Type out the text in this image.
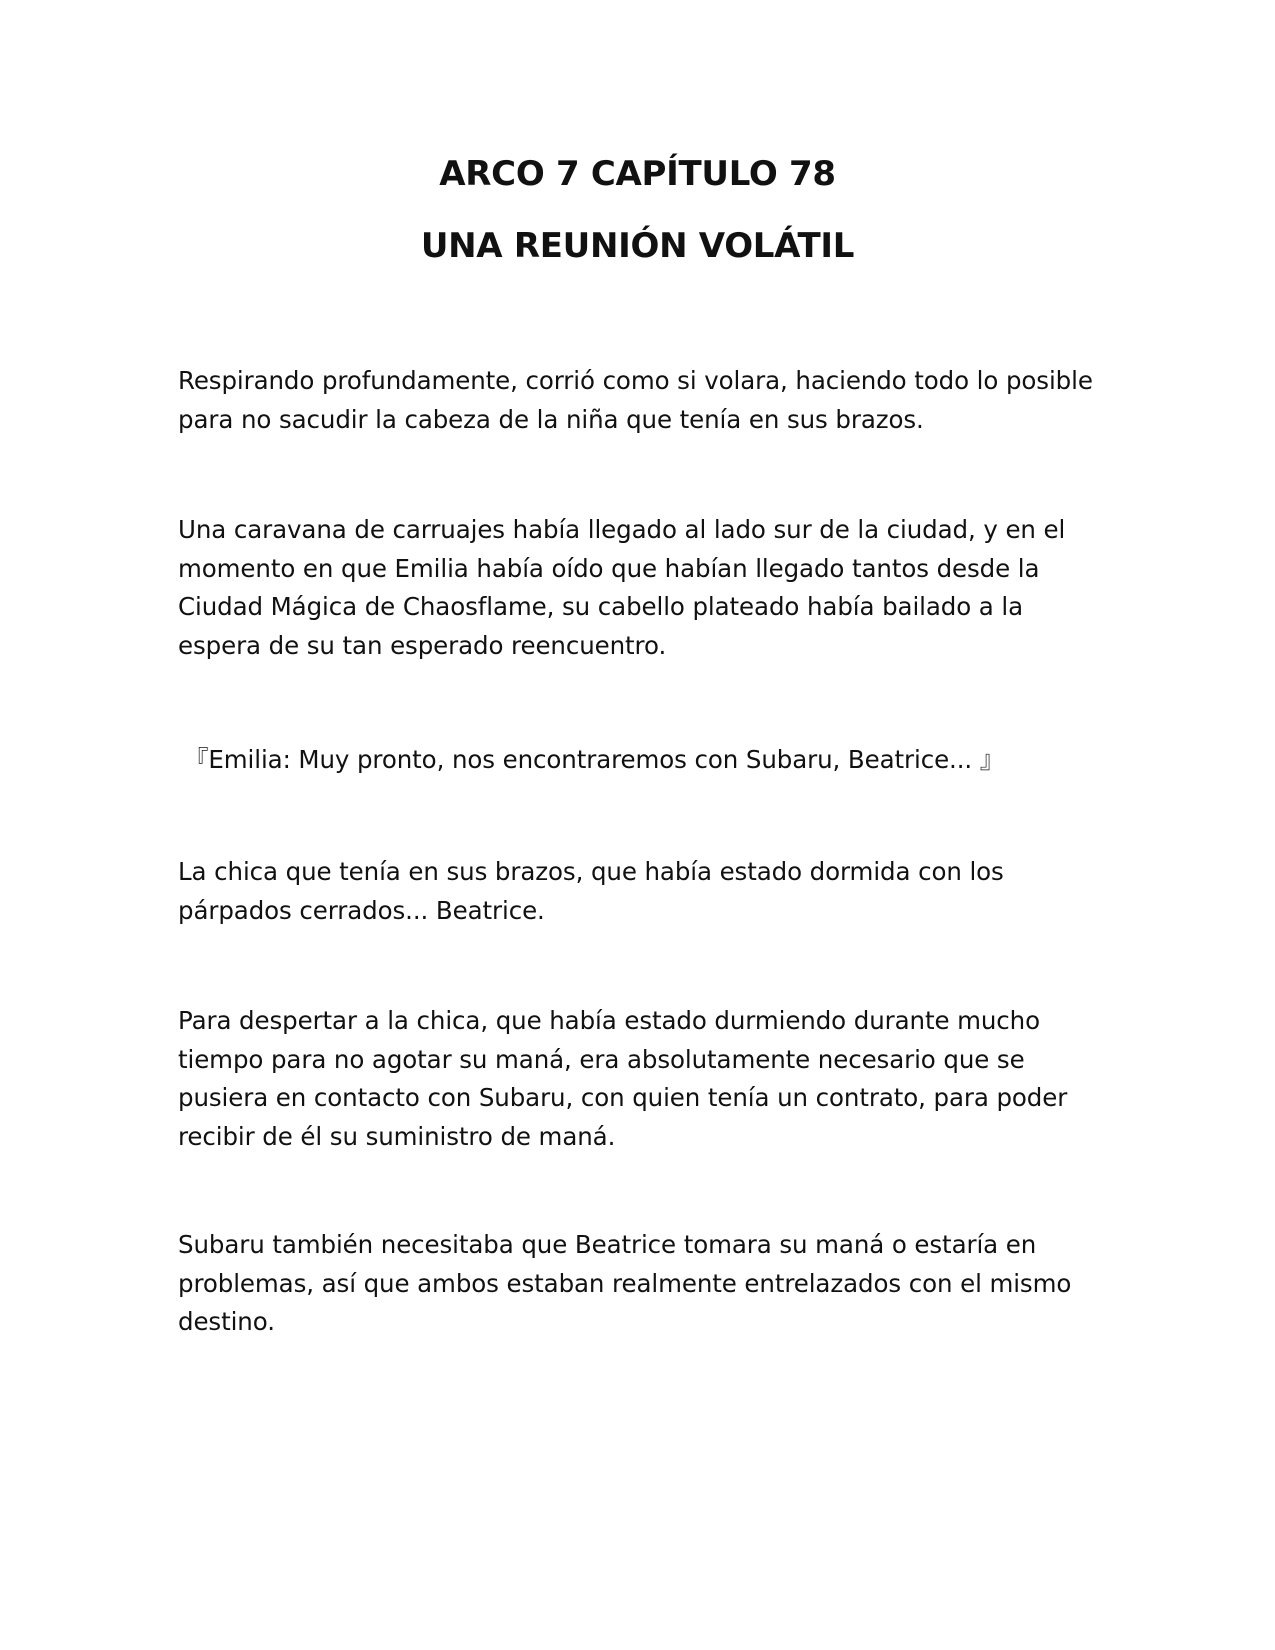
ARCO 7 CAPÍTULO 78
UNA REUNIÓN VOLÁTIL

Respirando profundamente, corrió como si volara, haciendo todo lo posible para no sacudir la cabeza de la niña que tenía en sus brazos.

Una caravana de carruajes había llegado al lado sur de la ciudad, y en el momento en que Emilia había oído que habían llegado tantos desde la Ciudad Mágica de Chaosflame, su cabello plateado había bailado a la espera de su tan esperado reencuentro.

『Emilia: Muy pronto, nos encontraremos con Subaru, Beatrice... 』

La chica que tenía en sus brazos, que había estado dormida con los párpados cerrados... Beatrice.

Para despertar a la chica, que había estado durmiendo durante mucho tiempo para no agotar su maná, era absolutamente necesario que se pusiera en contacto con Subaru, con quien tenía un contrato, para poder recibir de él su suministro de maná.

Subaru también necesitaba que Beatrice tomara su maná o estaría en problemas, así que ambos estaban realmente entrelazados con el mismo destino.
